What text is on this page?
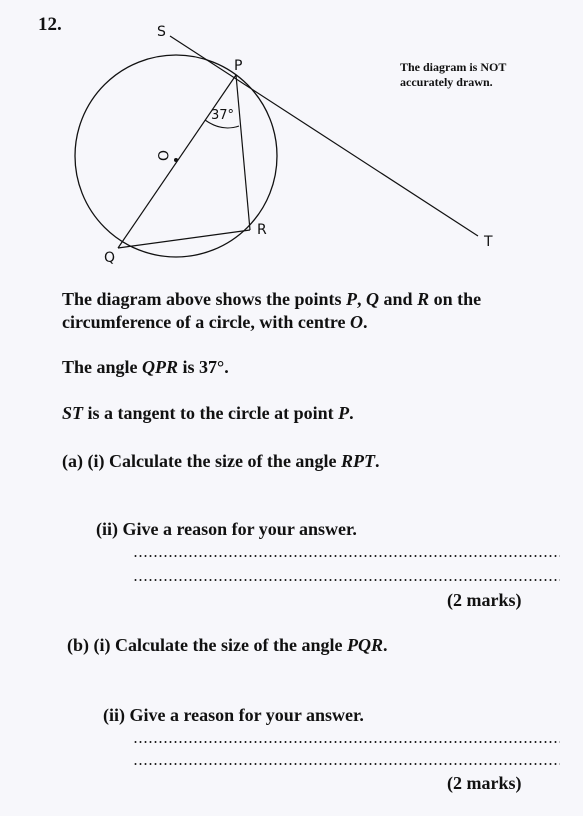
12.	S
P
T
Q
R
O
37°
The diagram is NOT
accurately drawn.
The diagram above shows the points P, Q and R on the
circumference of a circle, with centre O.
The angle QPR is 37°.
ST is a tangent to the circle at point P.
(a) (i) Calculate the size of the angle RPT.
(ii) Give a reason for your answer.
(2 marks)
(b) (i) Calculate the size of the angle PQR.
(ii) Give a reason for your answer.
(2 marks)
